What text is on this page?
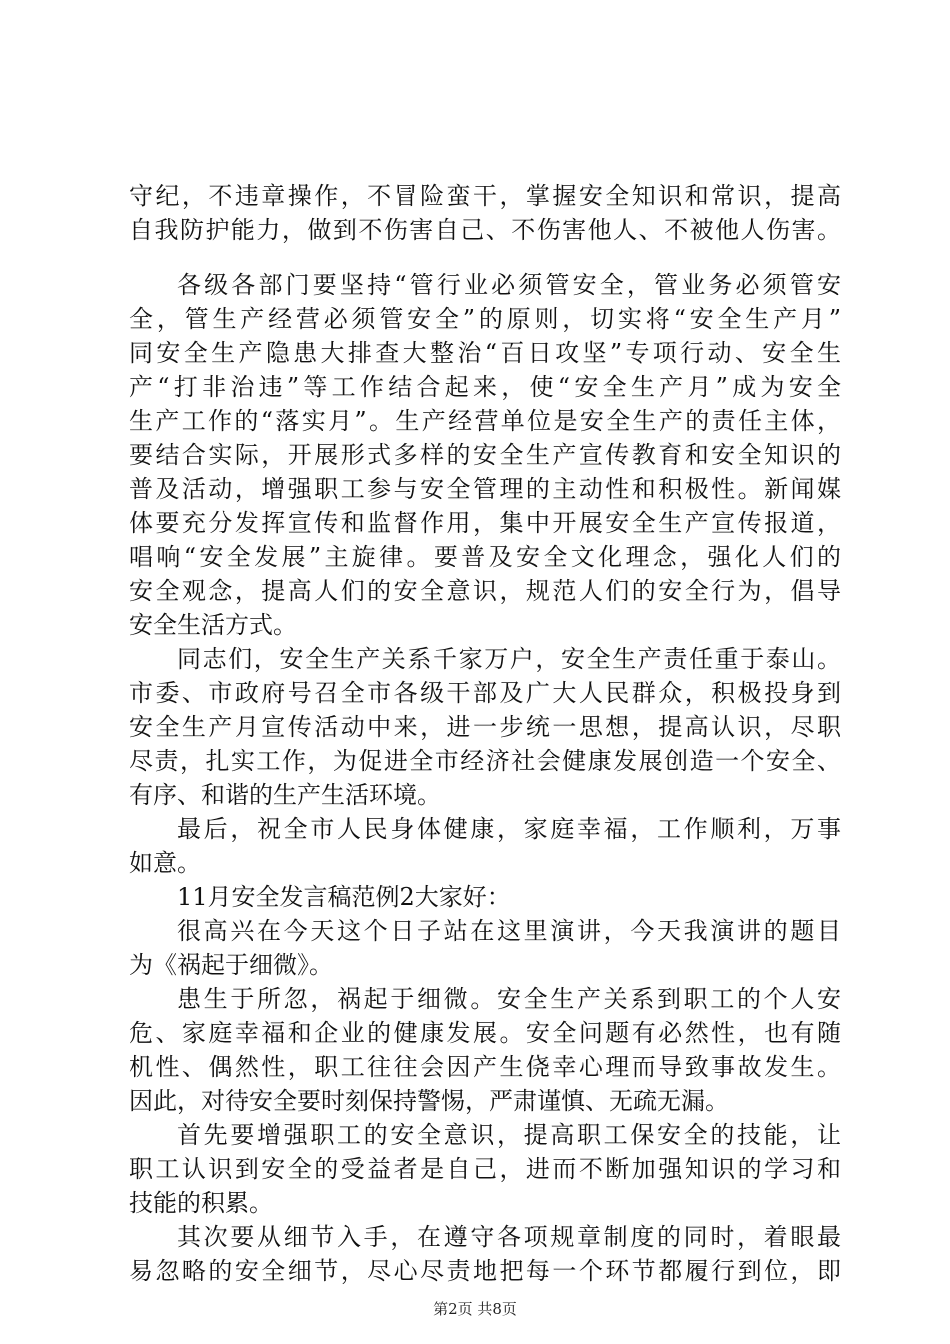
守纪，不违章操作，不冒险蛮干，掌握安全知识和常识，提高
自我防护能力，做到不伤害自己、不伤害他人、不被他人伤害。
各级各部门要坚持“管行业必须管安全，管业务必须管安
全，管生产经营必须管安全”的原则，切实将“安全生产月”
同安全生产隐患大排查大整治“百日攻坚”专项行动、安全生
产“打非治违”等工作结合起来，使“安全生产月”成为安全
生产工作的“落实月”。生产经营单位是安全生产的责任主体，
要结合实际，开展形式多样的安全生产宣传教育和安全知识的
普及活动，增强职工参与安全管理的主动性和积极性。新闻媒
体要充分发挥宣传和监督作用，集中开展安全生产宣传报道，
唱响“安全发展”主旋律。要普及安全文化理念，强化人们的
安全观念，提高人们的安全意识，规范人们的安全行为，倡导
安全生活方式。
同志们，安全生产关系千家万户，安全生产责任重于泰山。
市委、市政府号召全市各级干部及广大人民群众，积极投身到
安全生产月宣传活动中来，进一步统一思想，提高认识，尽职
尽责，扎实工作，为促进全市经济社会健康发展创造一个安全、
有序、和谐的生产生活环境。
最后，祝全市人民身体健康，家庭幸福，工作顺利，万事
如意。
11月安全发言稿范例2大家好：
很高兴在今天这个日子站在这里演讲，今天我演讲的题目
为《祸起于细微》。
患生于所忽，祸起于细微。安全生产关系到职工的个人安
危、家庭幸福和企业的健康发展。安全问题有必然性，也有随
机性、偶然性，职工往往会因产生侥幸心理而导致事故发生。
因此，对待安全要时刻保持警惕，严肃谨慎、无疏无漏。
首先要增强职工的安全意识，提高职工保安全的技能，让
职工认识到安全的受益者是自己，进而不断加强知识的学习和
技能的积累。
其次要从细节入手，在遵守各项规章制度的同时，着眼最
易忽略的安全细节，尽心尽责地把每一个环节都履行到位，即
第2页 共8页
